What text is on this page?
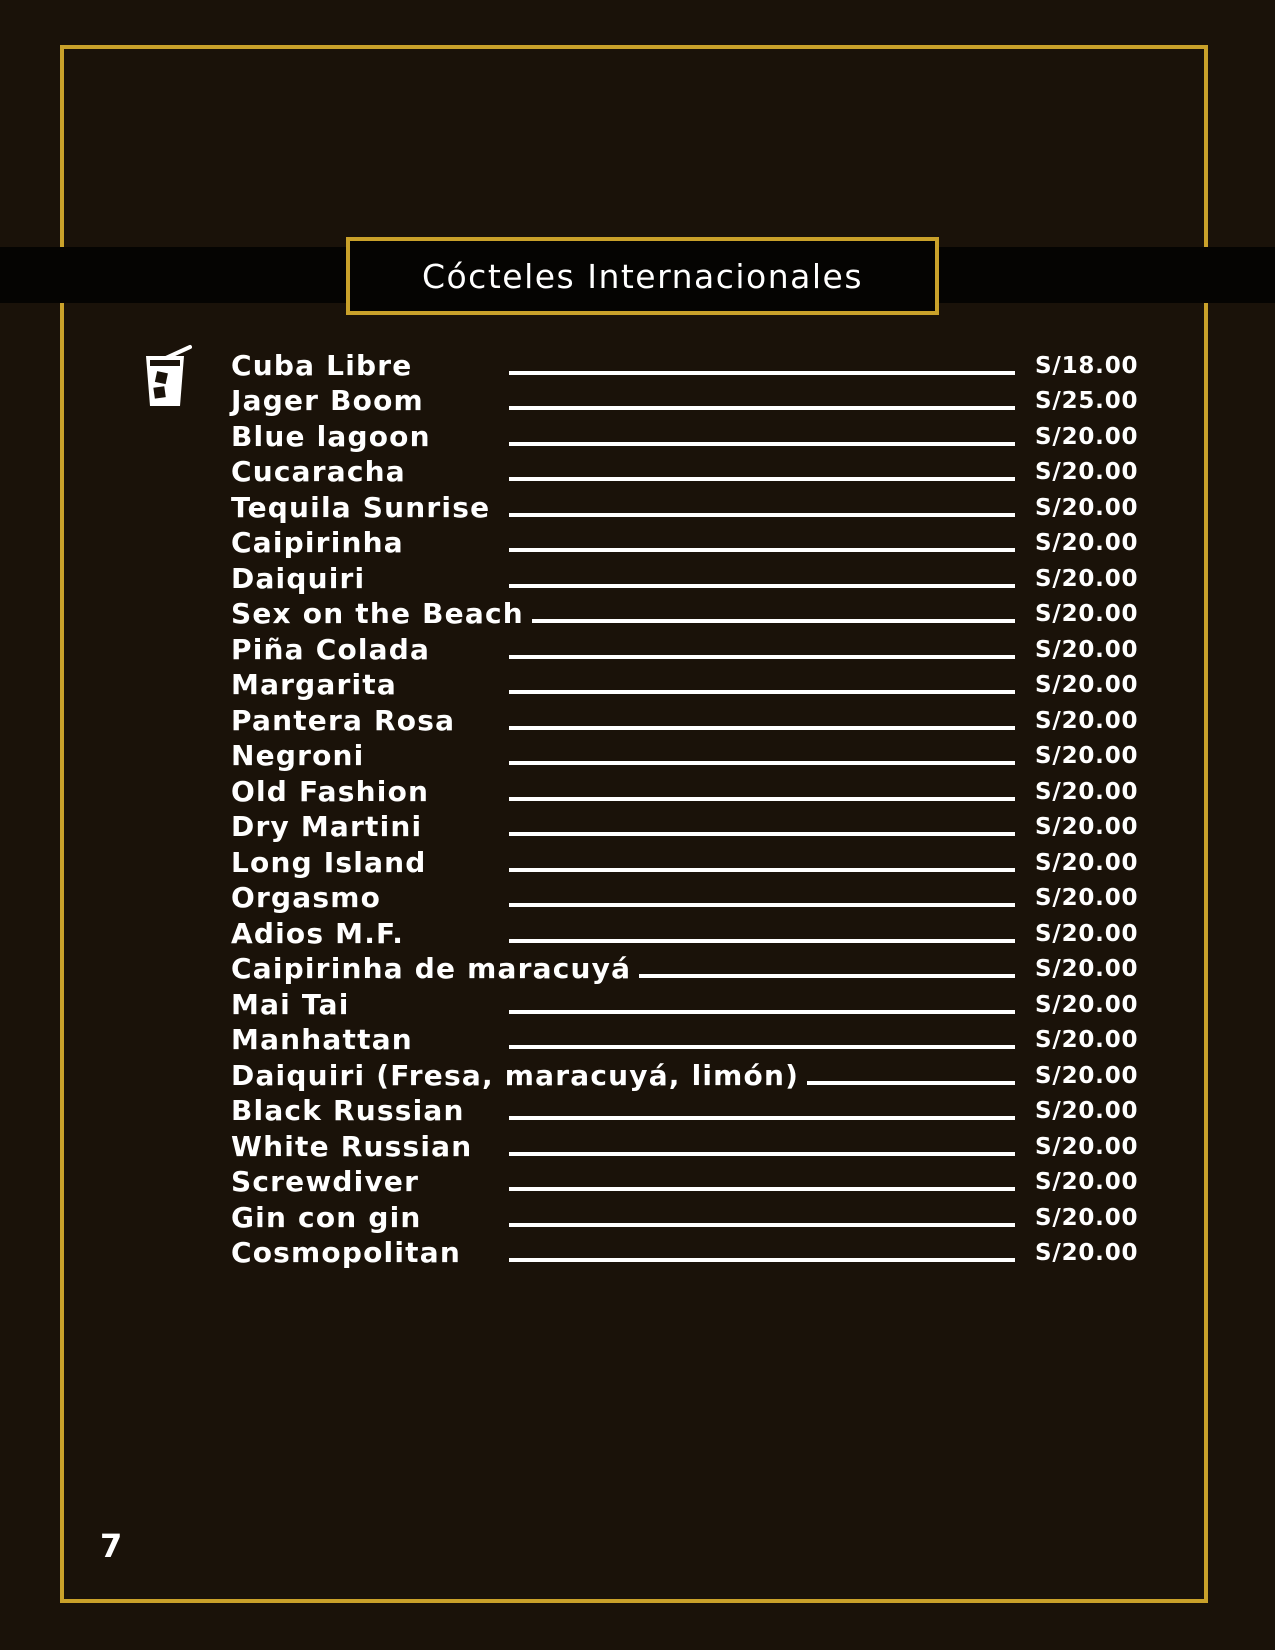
Cócteles Internacionales
Cuba Libre	S/18.00
Jager Boom	S/25.00
Blue lagoon	S/20.00
Cucaracha	S/20.00
Tequila Sunrise	S/20.00
Caipirinha	S/20.00
Daiquiri	S/20.00
Sex on the Beach	S/20.00
Piña Colada	S/20.00
Margarita	S/20.00
Pantera Rosa	S/20.00
Negroni	S/20.00
Old Fashion	S/20.00
Dry Martini	S/20.00
Long Island	S/20.00
Orgasmo	S/20.00
Adios M.F.	S/20.00
Caipirinha de maracuyá	S/20.00
Mai Tai	S/20.00
Manhattan	S/20.00
Daiquiri (Fresa, maracuyá, limón)	S/20.00
Black Russian	S/20.00
White Russian	S/20.00
Screwdiver	S/20.00
Gin con gin	S/20.00
Cosmopolitan	S/20.00
7
